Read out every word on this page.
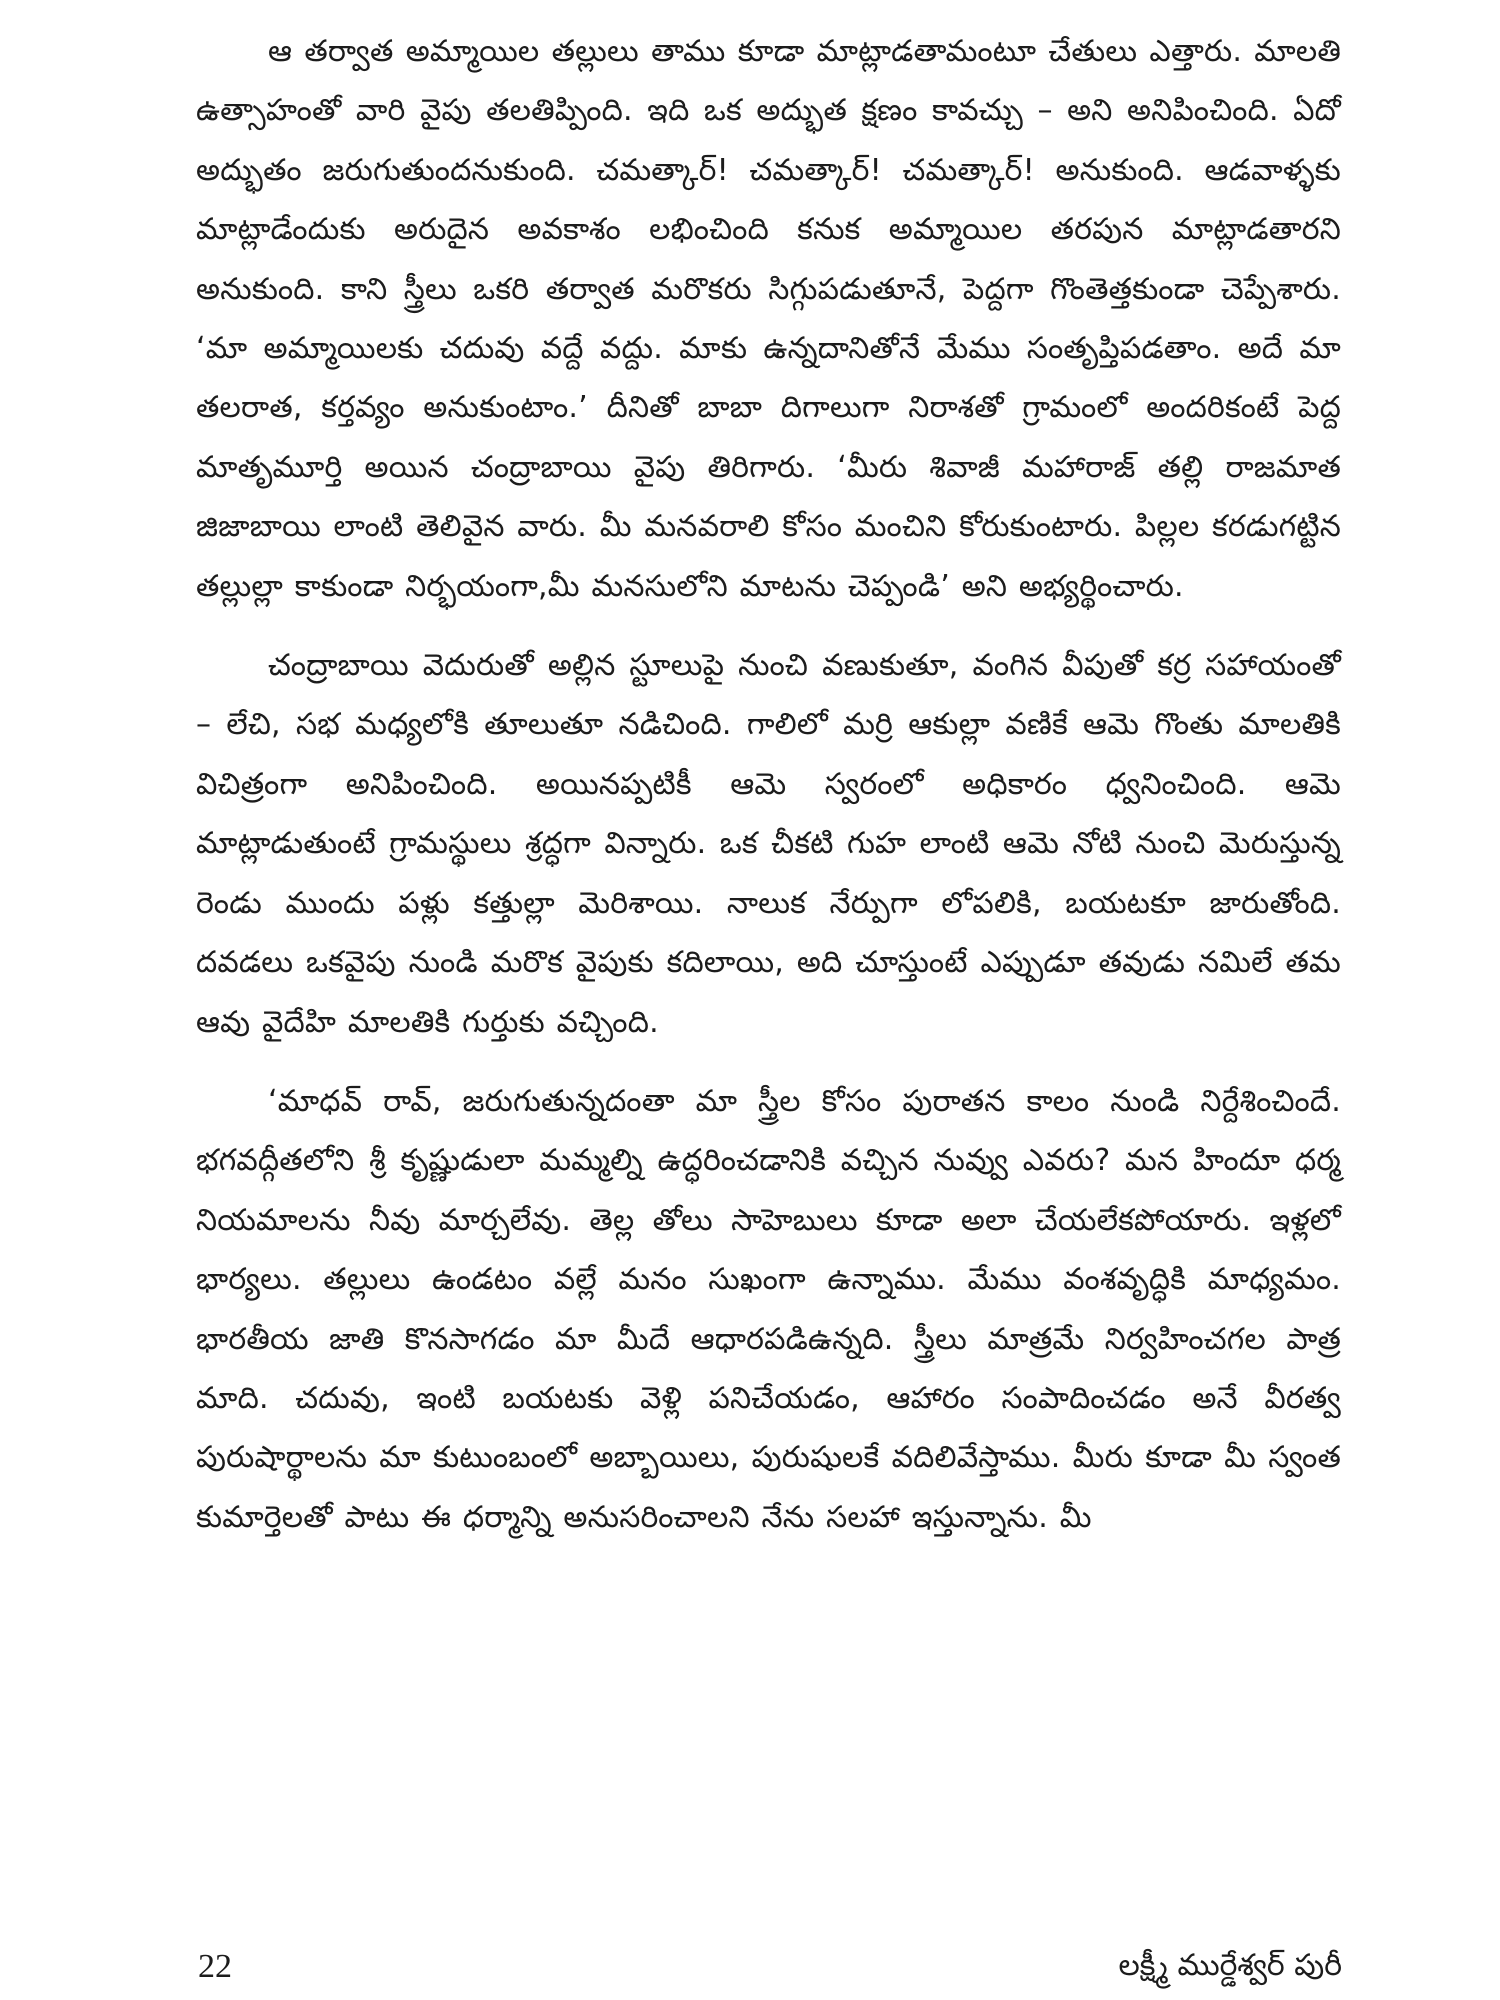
ఆ తర్వాత అమ్మాయిల తల్లులు తాము కూడా మాట్లాడతామంటూ చేతులు ఎత్తారు. మాలతి ఉత్సాహంతో వారి వైపు తలతిప్పింది. ఇది ఒక అద్భుత క్షణం కావచ్చు – అని అనిపించింది. ఏదో అద్భుతం జరుగుతుందనుకుంది. చమత్కార్! చమత్కార్! చమత్కార్! అనుకుంది. ఆడవాళ్ళకు మాట్లాడేందుకు అరుదైన అవకాశం లభించింది కనుక అమ్మాయిల తరపున మాట్లాడతారని అనుకుంది. కాని స్త్రీలు ఒకరి తర్వాత మరొకరు సిగ్గుపడుతూనే, పెద్దగా గొంతెత్తకుండా చెప్పేశారు. ‘మా అమ్మాయిలకు చదువు వద్దే వద్దు. మాకు ఉన్నదానితోనే మేము సంతృప్తిపడతాం. అదే మా తలరాత, కర్తవ్యం అనుకుంటాం.’ దీనితో బాబా దిగాలుగా నిరాశతో గ్రామంలో అందరికంటే పెద్ద మాతృమూర్తి అయిన చంద్రాబాయి వైపు తిరిగారు. ‘మీరు శివాజీ మహారాజ్ తల్లి రాజమాత జిజాబాయి లాంటి తెలివైన వారు. మీ మనవరాలి కోసం మంచిని కోరుకుంటారు. పిల్లల కరడుగట్టిన తల్లుల్లా కాకుండా నిర్భయంగా,మీ మనసులోని మాటను చెప్పండి’ అని అభ్యర్థించారు.

చంద్రాబాయి వెదురుతో అల్లిన స్టూలుపై నుంచి వణుకుతూ, వంగిన వీపుతో కర్ర సహాయంతో – లేచి, సభ మధ్యలోకి తూలుతూ నడిచింది. గాలిలో మర్రి ఆకుల్లా వణికే ఆమె గొంతు మాలతికి విచిత్రంగా అనిపించింది. అయినప్పటికీ ఆమె స్వరంలో అధికారం ధ్వనించింది. ఆమె మాట్లాడుతుంటే గ్రామస్థులు శ్రద్ధగా విన్నారు. ఒక చీకటి గుహ లాంటి ఆమె నోటి నుంచి మెరుస్తున్న రెండు ముందు పళ్లు కత్తుల్లా మెరిశాయి. నాలుక నేర్పుగా లోపలికి, బయటకూ జారుతోంది. దవడలు ఒకవైపు నుండి మరొక వైపుకు కదిలాయి, అది చూస్తుంటే ఎప్పుడూ తవుడు నమిలే తమ ఆవు వైదేహి మాలతికి గుర్తుకు వచ్చింది.

‘మాధవ్ రావ్, జరుగుతున్నదంతా మా స్త్రీల కోసం పురాతన కాలం నుండి నిర్దేశించిందే. భగవద్గీతలోని శ్రీ కృష్ణుడులా మమ్మల్ని ఉద్ధరించడానికి వచ్చిన నువ్వు ఎవరు? మన హిందూ ధర్మ నియమాలను నీవు మార్చలేవు. తెల్ల తోలు సాహెబులు కూడా అలా చేయలేకపోయారు. ఇళ్లలో భార్యలు. తల్లులు ఉండటం వల్లే మనం సుఖంగా ఉన్నాము. మేము వంశవృద్ధికి మాధ్యమం. భారతీయ జాతి కొనసాగడం మా మీదే ఆధారపడిఉన్నది. స్త్రీలు మాత్రమే నిర్వహించగల పాత్ర మాది. చదువు, ఇంటి బయటకు వెళ్లి పనిచేయడం, ఆహారం సంపాదించడం అనే వీరత్వ పురుషార్థాలను మా కుటుంబంలో అబ్బాయిలు, పురుషులకే వదిలివేస్తాము. మీరు కూడా మీ స్వంత కుమార్తెలతో పాటు ఈ ధర్మాన్ని అనుసరించాలని నేను సలహా ఇస్తున్నాను. మీ

22	లక్ష్మీ ముర్డేశ్వర్ పురీ
